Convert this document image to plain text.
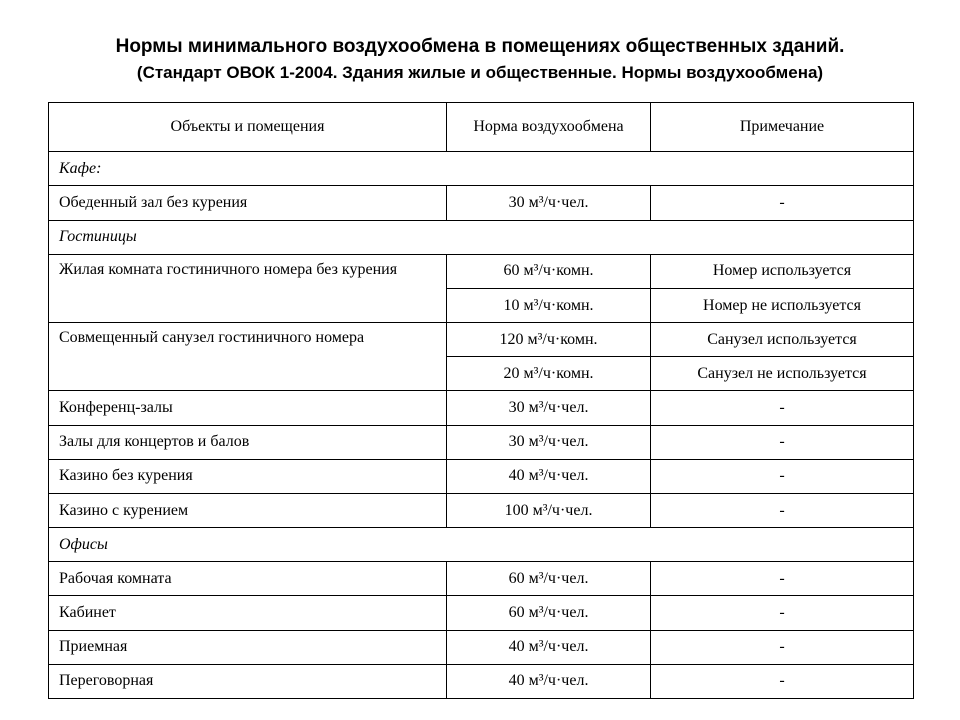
Нормы минимального воздухообмена в помещениях общественных зданий.
(Стандарт ОВОК 1-2004. Здания жилые и общественные. Нормы воздухообмена)
Объекты и помещения	Норма воздухообмена	Примечание
Кафе:		
Обеденный зал без курения	30 м³/ч·чел.	-
Гостиницы		
Жилая комната гостиничного номера без курения	60 м³/ч·комн.	Номер используется
	10 м³/ч·комн.	Номер не используется
Совмещенный санузел гостиничного номера	120 м³/ч·комн.	Санузел используется
	20 м³/ч·комн.	Санузел не используется
Конференц-залы	30 м³/ч·чел.	-
Залы для концертов и балов	30 м³/ч·чел.	-
Казино без курения	40 м³/ч·чел.	-
Казино с курением	100 м³/ч·чел.	-
Офисы		
Рабочая комната	60 м³/ч·чел.	-
Кабинет	60 м³/ч·чел.	-
Приемная	40 м³/ч·чел.	-
Переговорная	40 м³/ч·чел.	-
